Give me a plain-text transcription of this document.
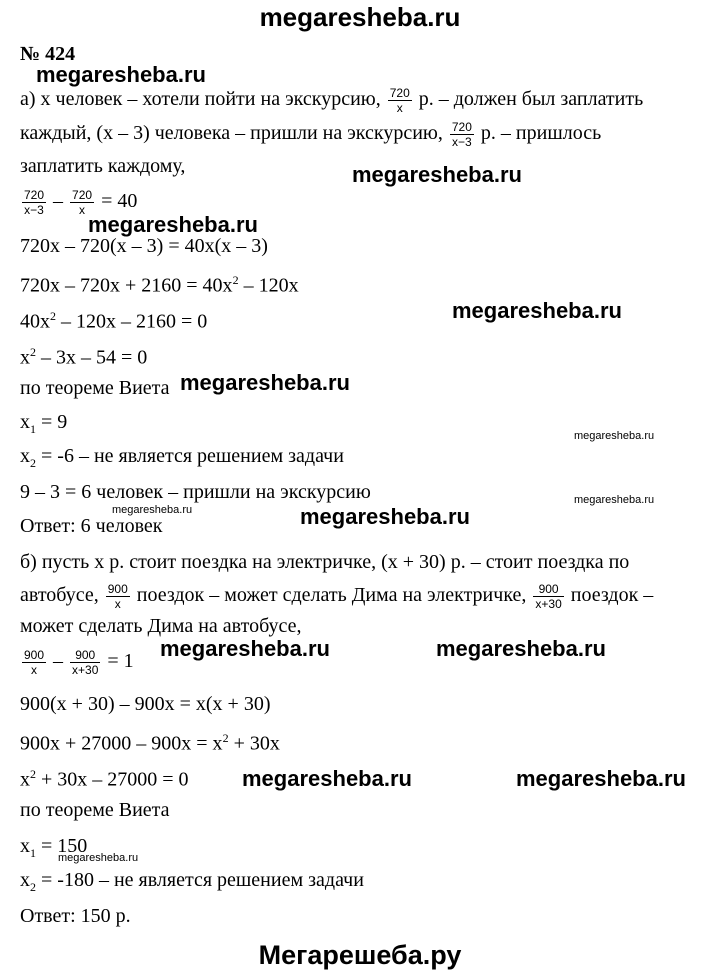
megaresheba.ru
№ 424
а) x человек – хотели пойти на экскурсию, $\frac{720}{x} р$. – должен был заплатить
каждый, (x – 3) человека – пришли на экскурсию, $\frac{720}{x-3} р$. – пришлось
заплатить каждому,
$\frac{720}{x-3} - \frac{720}{x} = 40$
720x – 720(x – 3) = 40x(x – 3)
$720x - 720x + 2160 = 40x^2 - 120x$
$40x^2 - 120x - 2160 = 0$
$x^2 - 3x - 54 = 0$
по теореме Виета
$x_1 = 9$
$x_2 = -6$ – не является решением задачи
9 – 3 = 6 человек – пришли на экскурсию
Ответ: 6 человек
б) пусть x р. стоит поездка на электричке, (x + 30) р. – стоит поездка по
автобусе, $\frac{900}{x}$ поездок – может сделать Дима на электричке, $\frac{900}{x+30}$ поездок –
может сделать Дима на автобусе,
$\frac{900}{x} - \frac{900}{x+30} = 1$
900(x + 30) – 900x = x(x + 30)
$900x + 27000 - 900x = x^2 + 30x$
$x^2 + 30x - 27000 = 0$
по теореме Виета
$x_1 = 150$
$x_2 = -180$ – не является решением задачи
Ответ: 150 р.
megaresheba.ru
megaresheba.ru
megaresheba.ru
megaresheba.ru
megaresheba.ru
megaresheba.ru
megaresheba.ru
megaresheba.ru	megaresheba.ru
megaresheba.ru	megaresheba.ru
megaresheba.ru	megaresheba.ru
megaresheba.ru
Мегарешеба.ру
